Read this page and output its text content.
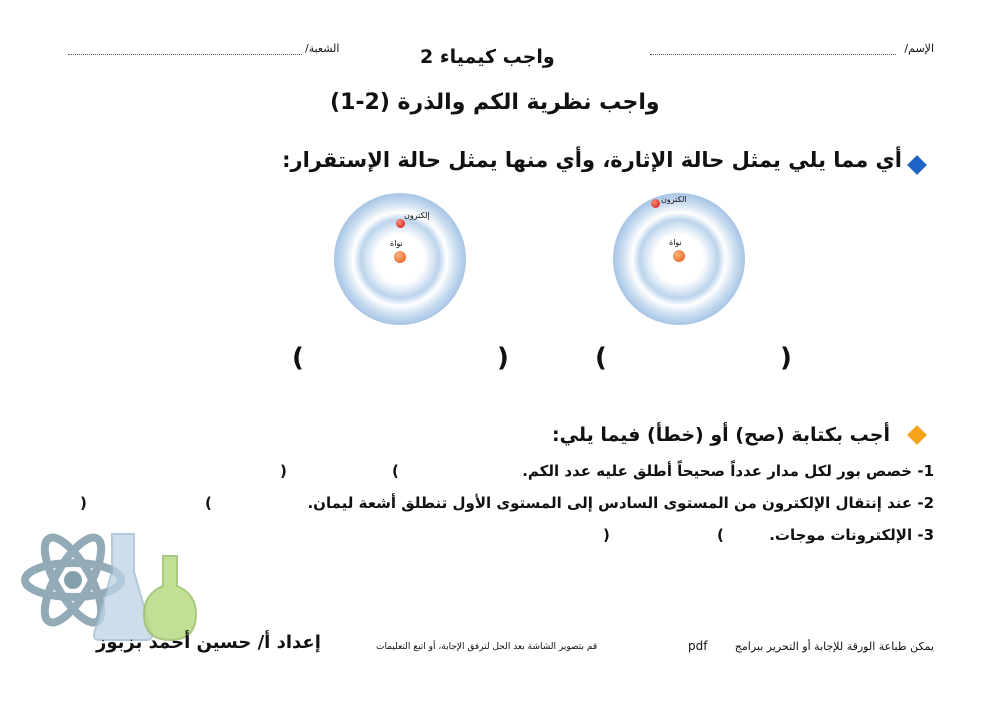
الإسم/
واجب كيمياء 2
الشعبة/
واجب نظرية الكم والذرة (2-1)
أي مما يلي يمثل حالة الإثارة، وأي منها يمثل حالة الإستقرار:
إلكترون
نواة
الكترون
نواة
(	)	(	)
أجب بكتابة (صح) أو (خطأ) فيما يلي:
1- خصص بور لكل مدار عدداً صحيحاً أطلق عليه عدد الكم.
(
)
2- عند إنتقال الإلكترون من المستوى السادس إلى المستوى الأول تنطلق أشعة ليمان.
(
)
3- الإلكترونات موجات.
(
)
إعداد أ/ حسين أحمد بزبوز	قم بتصوير الشاشة بعد الحل لترفق الإجابة، أو اتبع التعليمات	يمكن طباعة الورقة للإجابة أو التحرير ببرامج
pdf
